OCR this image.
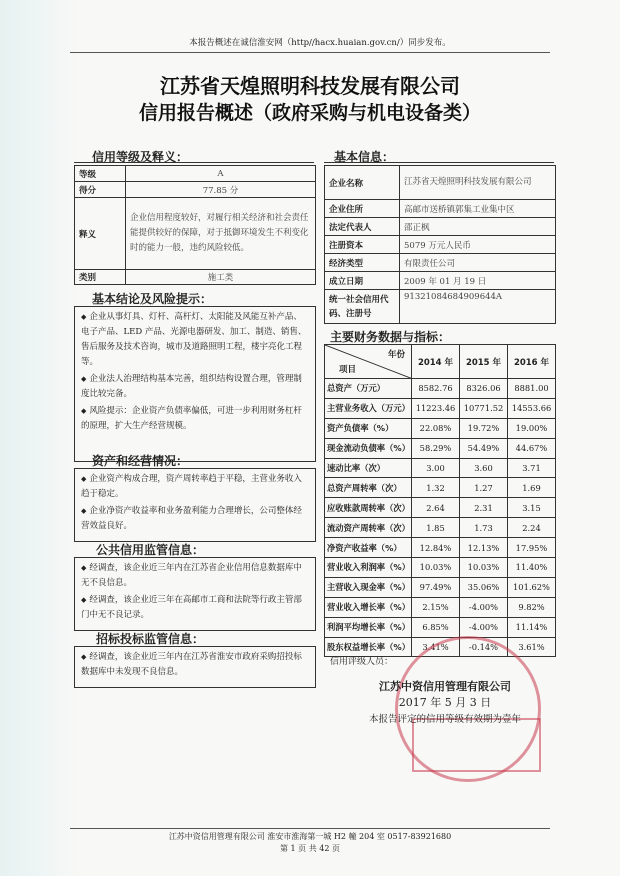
本报告概述在诚信淮安网（http//hacx.huaian.gov.cn/）同步发布。
江苏省天煌照明科技发展有限公司
信用报告概述（政府采购与机电设备类）
信用等级及释义：
等级	A
得分	77.85 分
释义	企业信用程度较好，对履行相关经济和社会责任能提供较好的保障，对于抵御环境发生不利变化时的能力一般，违约风险较低。
类别	施工类
基本结论及风险提示：

◆ 企业从事灯具、灯杆、高杆灯、太阳能及风能互补产品、电子产品、LED 产品、光源电器研发、加工、制造、销售、售后服务及技术咨询，城市及道路照明工程，楼宇亮化工程等。

◆ 企业法人治理结构基本完善，组织结构设置合理，管理制度比较完备。

◆ 风险提示：企业资产负债率偏低，可进一步利用财务杠杆的原理，扩大生产经营规模。

资产和经营情况：

◆ 企业资产构成合理，资产周转率趋于平稳，主营业务收入趋于稳定。

◆ 企业净资产收益率和业务盈利能力合理增长，公司整体经营效益良好。

公共信用监管信息：

◆ 经调查，该企业近三年内在江苏省企业信用信息数据库中无不良信息。

◆ 经调查，该企业近三年在高邮市工商和法院等行政主管部门中无不良记录。

招标投标监管信息：

◆ 经调查，该企业近三年内在江苏省淮安市政府采购招投标数据库中未发现不良信息。

基本信息：
企业名称	江苏省天煌照明科技发展有限公司
企业住所	高邮市送桥镇郭集工业集中区
法定代表人	邵正枫
注册资本	5079 万元人民币
经济类型	有限责任公司
成立日期	2009 年 01 月 19 日
统一社会信用代码、注册号	91321084684909644A
主要财务数据与指标：
年份
项目	2014 年	2015 年	2016 年
总资产（万元）	8582.76	8326.06	8881.00
主营业务收入（万元）	11223.46	10771.52	14553.66
资产负债率（%）	22.08%	19.72%	19.00%
现金流动负债率（%）	58.29%	54.49%	44.67%
速动比率（次）	3.00	3.60	3.71
总资产周转率（次）	1.32	1.27	1.69
应收账款周转率（次）	2.64	2.31	3.15
流动资产周转率（次）	1.85	1.73	2.24
净资产收益率（%）	12.84%	12.13%	17.95%
营业收入利润率（%）	10.03%	10.03%	11.40%
主营收入现金率（%）	97.49%	35.06%	101.62%
营业收入增长率（%）	2.15%	-4.00%	9.82%
利润平均增长率（%）	6.85%	-4.00%	11.14%
股东权益增长率（%）	3.41%	-0.14%	3.61%
信用评级人员：
江苏中资信用管理有限公司
2017 年 5 月 3 日
本报告评定的信用等级有效期为壹年
江苏中资信用管理有限公司 淮安市淮海第一城 H2 幢 204 室 0517-83921680
第 1 页 共 42 页
